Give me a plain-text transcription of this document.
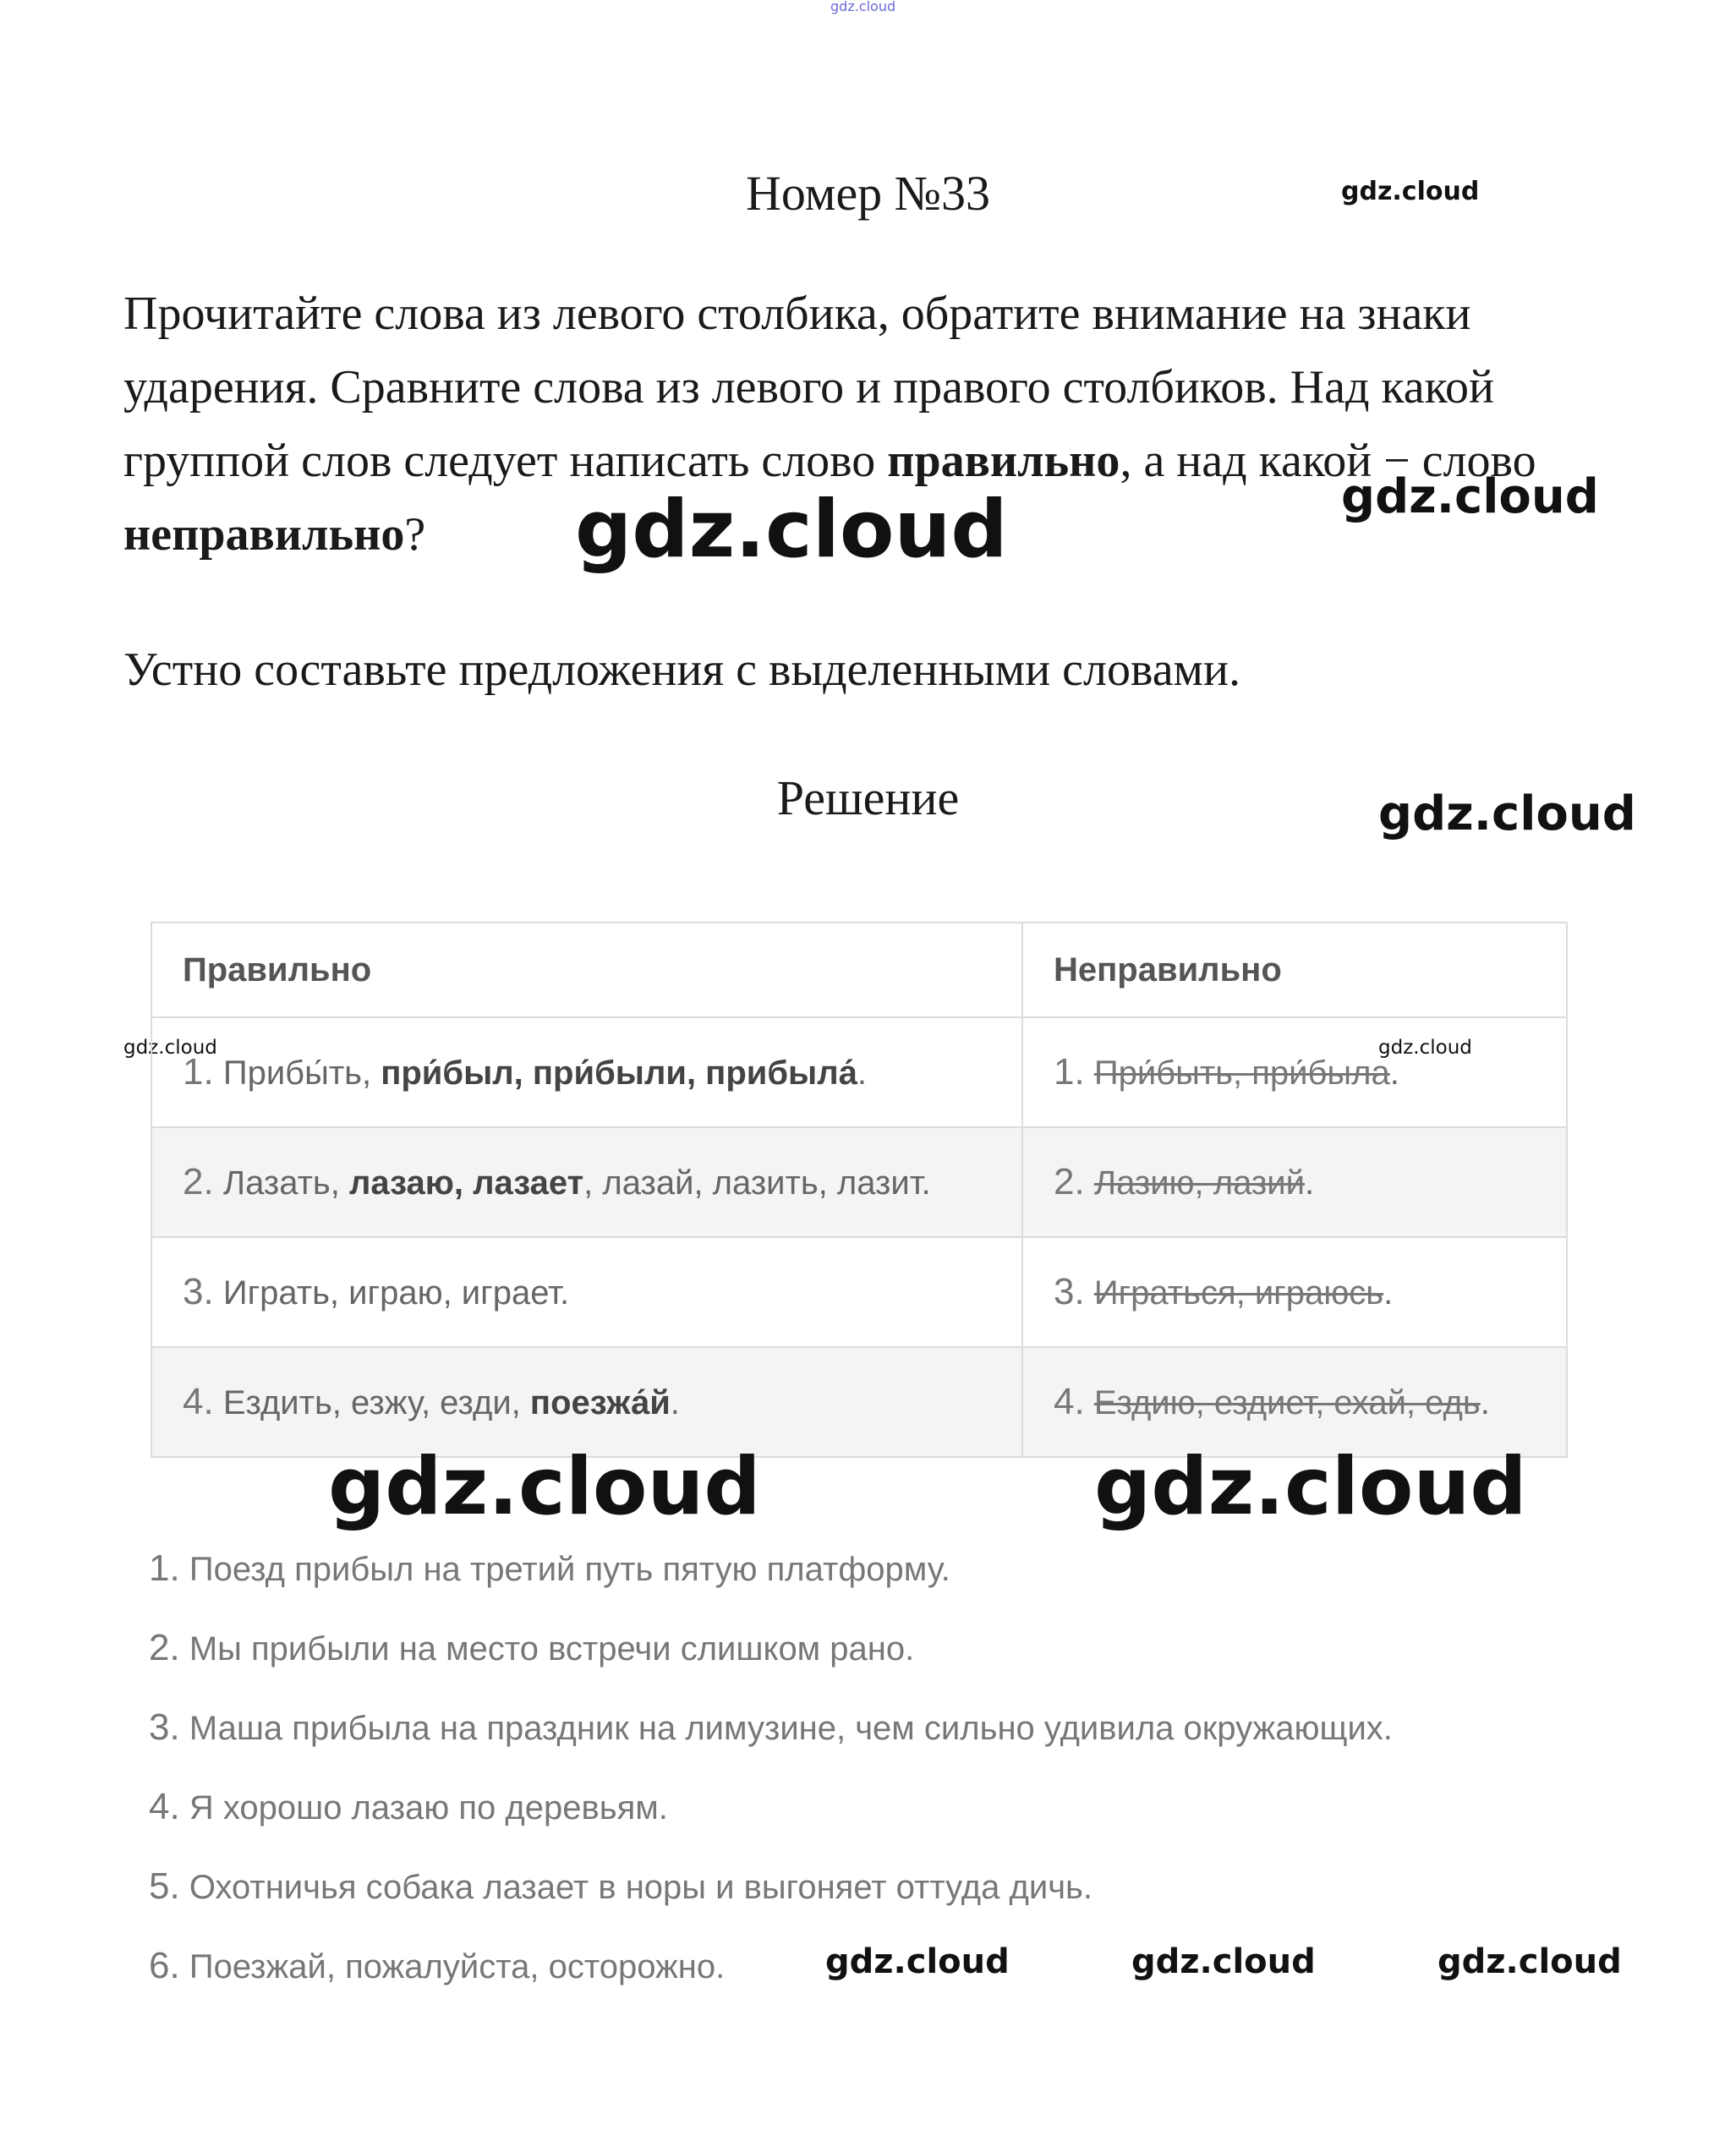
gdz.cloud
gdz.cloud
gdz.cloud
gdz.cloud
gdz.cloud
gdz.cloud	gdz.cloud
Номер №33
Прочитайте слова из левого столбика, обратите внимание на знаки ударения. Сравните слова из левого и правого столбиков. Над какой группой слов следует написать слово правильно, а над какой − слово неправильно?
Устно составьте предложения с выделенными словами.
Решение
Правильно	Неправильно
1. Прибы́ть, при́был, при́были, прибыла́.	1. При́быть, при́была.
2. Лазать, лазаю, лазает, лазай, лазить, лазит.	2. Лазию, лазий.
3. Играть, играю, играет.	3. Играться, играюсь.
4. Ездить, езжу, езди, поезжа́й.	4. Ездию, ездиет, ехай, едь.
gdz.cloud	gdz.cloud
1. Поезд прибыл на третий путь пятую платформу.
2. Мы прибыли на место встречи слишком рано.
3. Маша прибыла на праздник на лимузине, чем сильно удивила окружающих.
4. Я хорошо лазаю по деревьям.
5. Охотничья собака лазает в норы и выгоняет оттуда дичь.
6. Поезжай, пожалуйста, осторожно.	gdz.cloud	gdz.cloud	gdz.cloud
